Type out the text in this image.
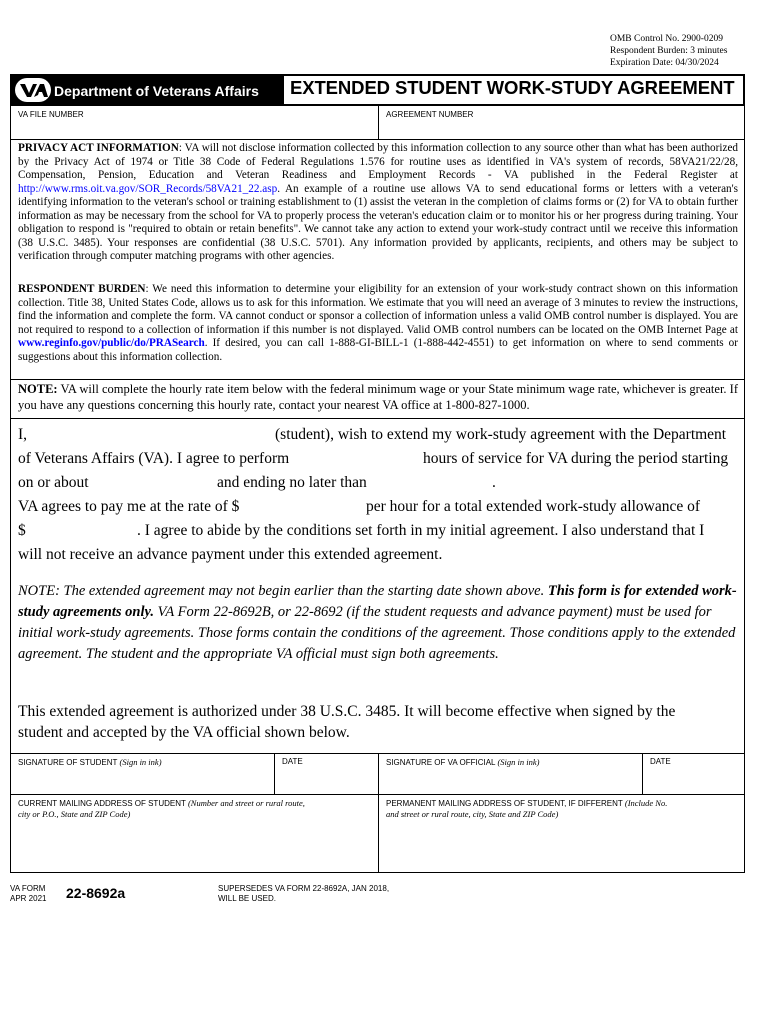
OMB Control No. 2900-0209
Respondent Burden: 3 minutes
Expiration Date: 04/30/2024
Department of Veterans Affairs EXTENDED STUDENT WORK-STUDY AGREEMENT
VA FILE NUMBER	AGREEMENT NUMBER
PRIVACY ACT INFORMATION: VA will not disclose information collected by this information collection to any source other than what has been authorized by the Privacy Act of 1974 or Title 38 Code of Federal Regulations 1.576 for routine uses as identified in VA's system of records, 58VA21/22/28, Compensation, Pension, Education and Veteran Readiness and Employment Records - VA published in the Federal Register at http://www.rms.oit.va.gov/SOR_Records/58VA21_22.asp. An example of a routine use allows VA to send educational forms or letters with a veteran's identifying information to the veteran's school or training establishment to (1) assist the veteran in the completion of claims forms or (2) for VA to obtain further information as may be necessary from the school for VA to properly process the veteran's education claim or to monitor his or her progress during training. Your obligation to respond is "required to obtain or retain benefits". We cannot take any action to extend your work-study contract until we receive this information (38 U.S.C. 3485). Your responses are confidential (38 U.S.C. 5701). Any information provided by applicants, recipients, and others may be subject to verification through computer matching programs with other agencies.
RESPONDENT BURDEN: We need this information to determine your eligibility for an extension of your work-study contract shown on this information collection. Title 38, United States Code, allows us to ask for this information. We estimate that you will need an average of 3 minutes to review the instructions, find the information and complete the form. VA cannot conduct or sponsor a collection of information unless a valid OMB control number is displayed. You are not required to respond to a collection of information if this number is not displayed. Valid OMB control numbers can be located on the OMB Internet Page at www.reginfo.gov/public/do/PRASearch. If desired, you can call 1-888-GI-BILL-1 (1-888-442-4551) to get information on where to send comments or suggestions about this information collection.
NOTE: VA will complete the hourly rate item below with the federal minimum wage or your State minimum wage rate, whichever is greater. If you have any questions concerning this hourly rate, contact your nearest VA office at 1-800-827-1000.
I,	(student), wish to extend my work-study agreement with the Department
of Veterans Affairs (VA). I agree to perform	hours of service for VA during the period starting
on or about	and ending no later than	.
VA agrees to pay me at the rate of $	per hour for a total extended work-study allowance of
$	. I agree to abide by the conditions set forth in my initial agreement. I also understand that I
will not receive an advance payment under this extended agreement.
NOTE: The extended agreement may not begin earlier than the starting date shown above. This form is for extended work-study agreements only. VA Form 22-8692B, or 22-8692 (if the student requests and advance payment) must be used for initial work-study agreements. Those forms contain the conditions of the agreement. Those conditions apply to the extended agreement. The student and the appropriate VA official must sign both agreements.
This extended agreement is authorized under 38 U.S.C. 3485. It will become effective when signed by the
student and accepted by the VA official shown below.
SIGNATURE OF STUDENT (Sign in ink)	DATE	SIGNATURE OF VA OFFICIAL (Sign in ink)	DATE
CURRENT MAILING ADDRESS OF STUDENT (Number and street or rural route,
city or P.O., State and ZIP Code)
PERMANENT MAILING ADDRESS OF STUDENT, IF DIFFERENT (Include No.
and street or rural route, city, State and ZIP Code)
VA FORM
APR 2021 22-8692a	SUPERSEDES VA FORM 22-8692A, JAN 2018,
WILL BE USED.
